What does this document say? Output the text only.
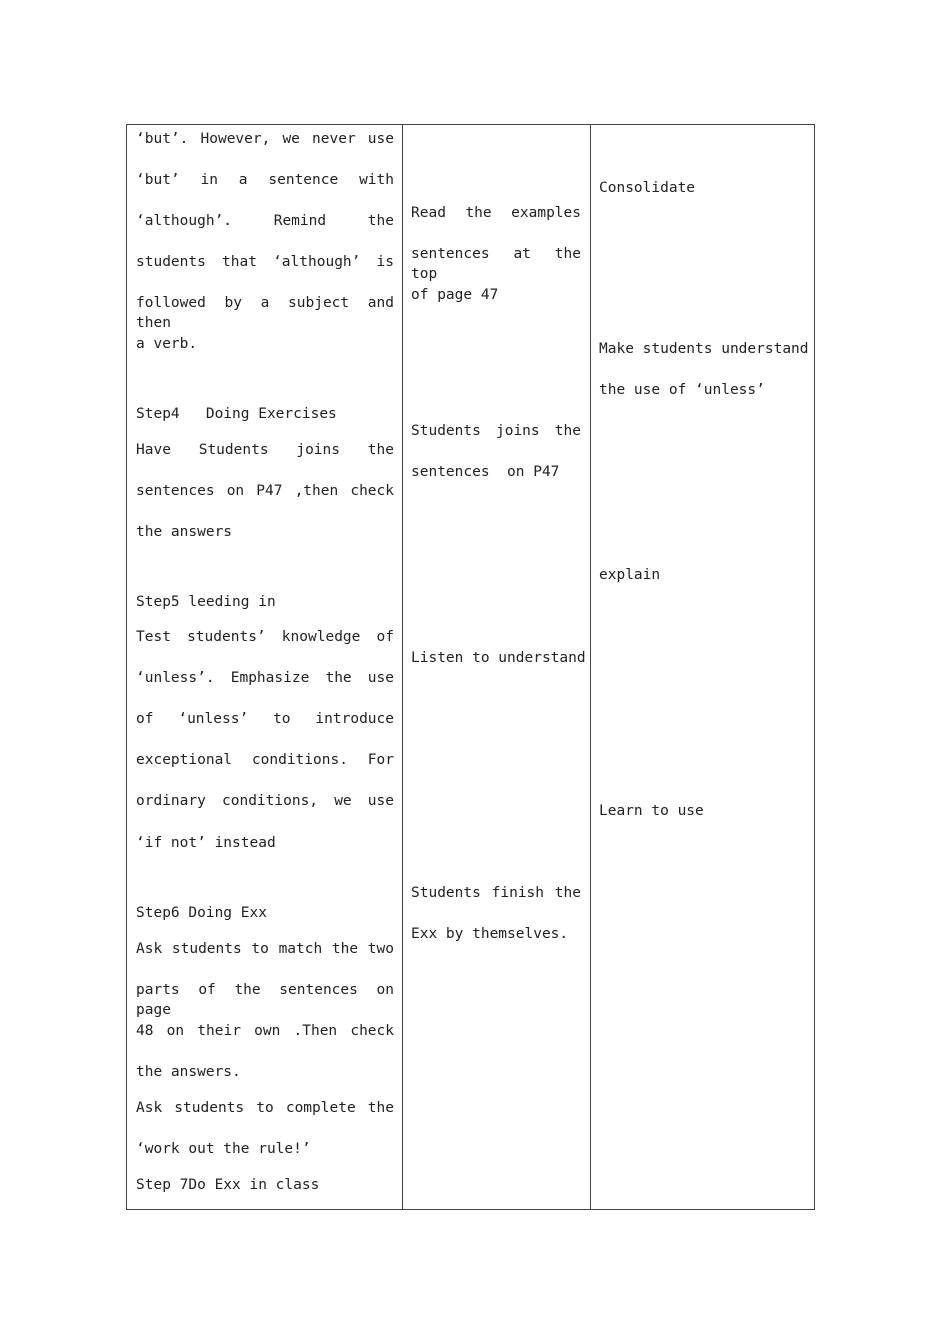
‘but’. However, we never use
‘but’ in a sentence with
‘although’. Remind the
students that ‘although’ is
followed by a subject and then
a verb.
Step4   Doing Exercises
Have Students joins the
sentences on P47 ,then check
the answers
Step5 leeding in
Test students’ knowledge of
‘unless’. Emphasize the use
of ‘unless’ to introduce
exceptional conditions. For
ordinary conditions, we use
‘if not’ instead
Step6 Doing Exx
Ask students to match the two
parts of the sentences on page
48 on their own .Then check
the answers.
Ask students to complete the
‘work out the rule!’
Step 7Do Exx in class
Read the examples
sentences at the top
of page 47
Students joins the
sentences  on P47
Listen to understand
Students finish the
Exx by themselves.
Consolidate
Make students understand
the use of ‘unless’
explain
Learn to use
